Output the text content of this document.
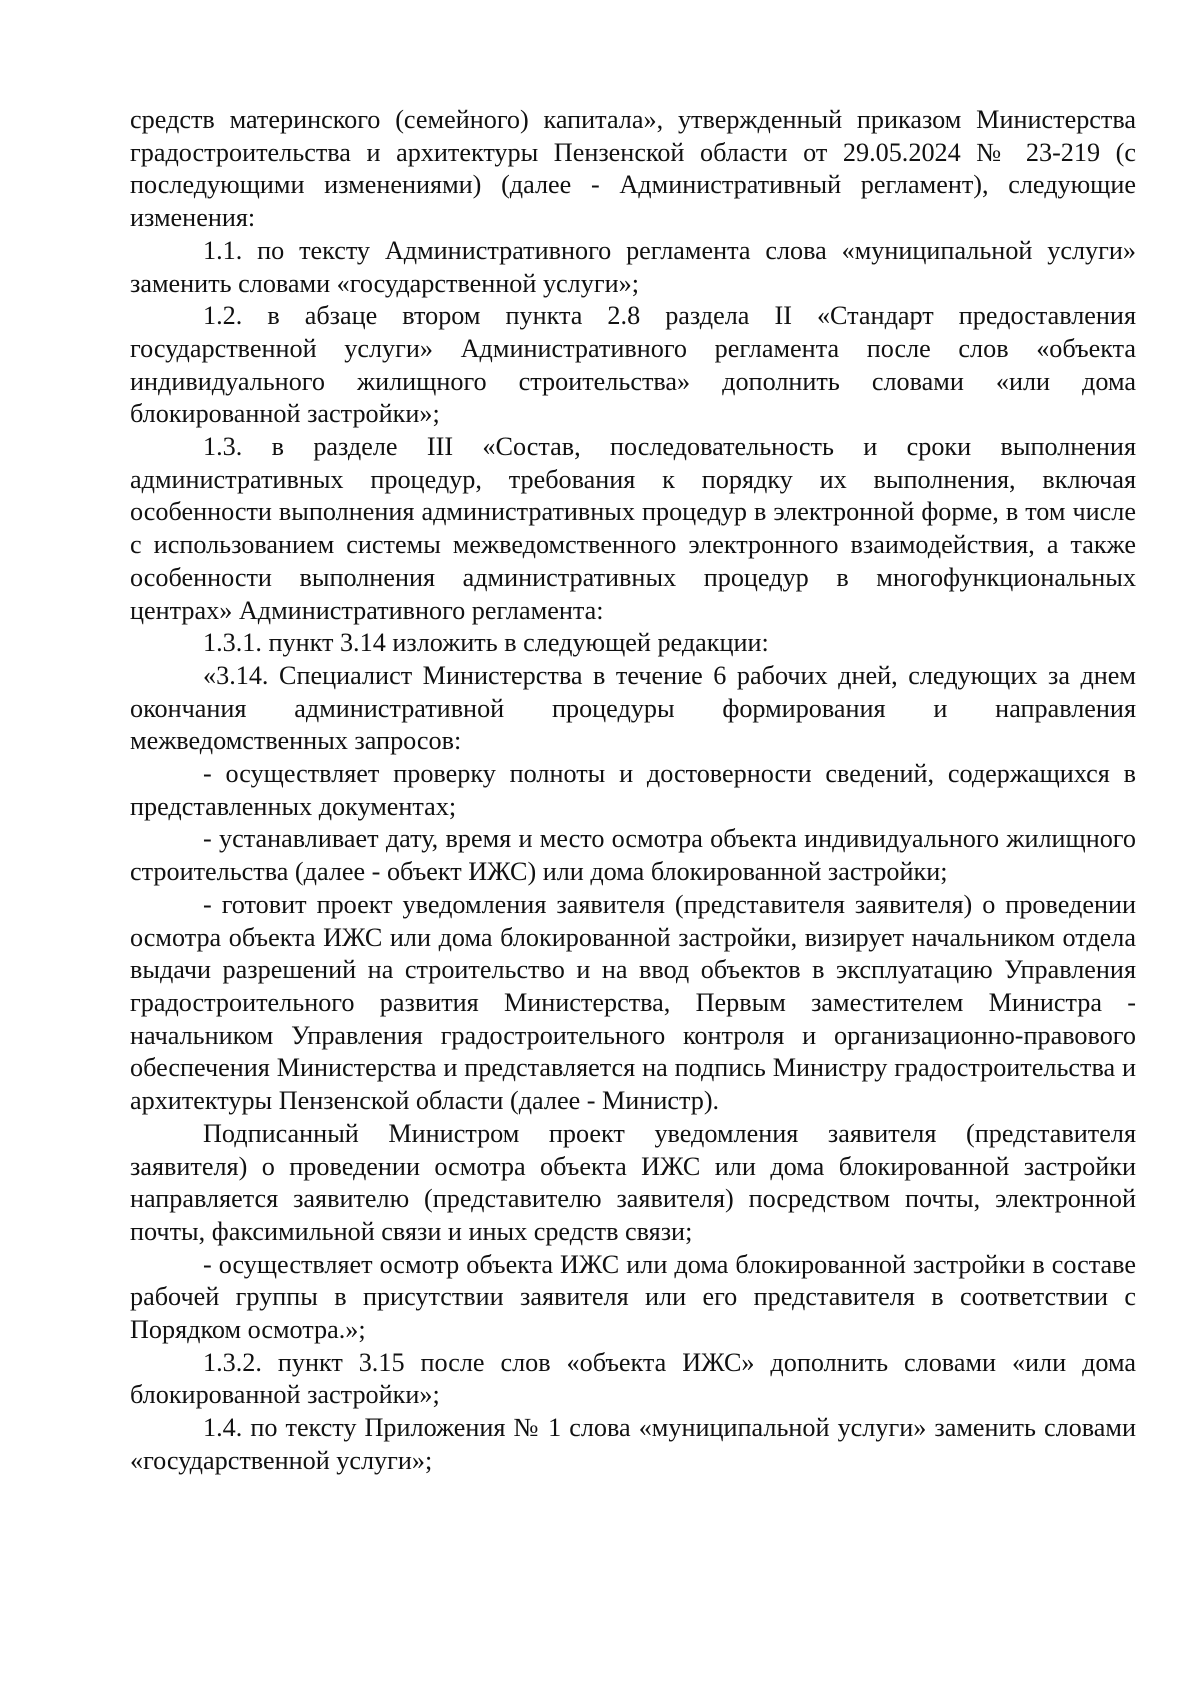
средств материнского (семейного) капитала», утвержденный приказом Министерства градостроительства и архитектуры Пензенской области от 29.05.2024 № 23-219 (с последующими изменениями) (далее - Административный регламент), следующие изменения:

1.1. по тексту Административного регламента слова «муниципальной услуги» заменить словами «государственной услуги»;

1.2. в абзаце втором пункта 2.8 раздела II «Стандарт предоставления государственной услуги» Административного регламента после слов «объекта индивидуального жилищного строительства» дополнить словами «или дома блокированной застройки»;

1.3. в разделе III «Состав, последовательность и сроки выполнения административных процедур, требования к порядку их выполнения, включая особенности выполнения административных процедур в электронной форме, в том числе с использованием системы межведомственного электронного взаимодействия, а также особенности выполнения административных процедур в многофункциональных центрах» Административного регламента:

1.3.1. пункт 3.14 изложить в следующей редакции:

«3.14. Специалист Министерства в течение 6 рабочих дней, следующих за днем окончания административной процедуры формирования и направления межведомственных запросов:

- осуществляет проверку полноты и достоверности сведений, содержащихся в представленных документах;

- устанавливает дату, время и место осмотра объекта индивидуального жилищного строительства (далее - объект ИЖС) или дома блокированной застройки;

- готовит проект уведомления заявителя (представителя заявителя) о проведении осмотра объекта ИЖС или дома блокированной застройки, визирует начальником отдела выдачи разрешений на строительство и на ввод объектов в эксплуатацию Управления градостроительного развития Министерства, Первым заместителем Министра - начальником Управления градостроительного контроля и организационно-правового обеспечения Министерства и представляется на подпись Министру градостроительства и архитектуры Пензенской области (далее - Министр).

Подписанный Министром проект уведомления заявителя (представителя заявителя) о проведении осмотра объекта ИЖС или дома блокированной застройки направляется заявителю (представителю заявителя) посредством почты, электронной почты, факсимильной связи и иных средств связи;

- осуществляет осмотр объекта ИЖС или дома блокированной застройки в составе рабочей группы в присутствии заявителя или его представителя в соответствии с Порядком осмотра.»;

1.3.2. пункт 3.15 после слов «объекта ИЖС» дополнить словами «или дома блокированной застройки»;

1.4. по тексту Приложения № 1 слова «муниципальной услуги» заменить словами «государственной услуги»;
